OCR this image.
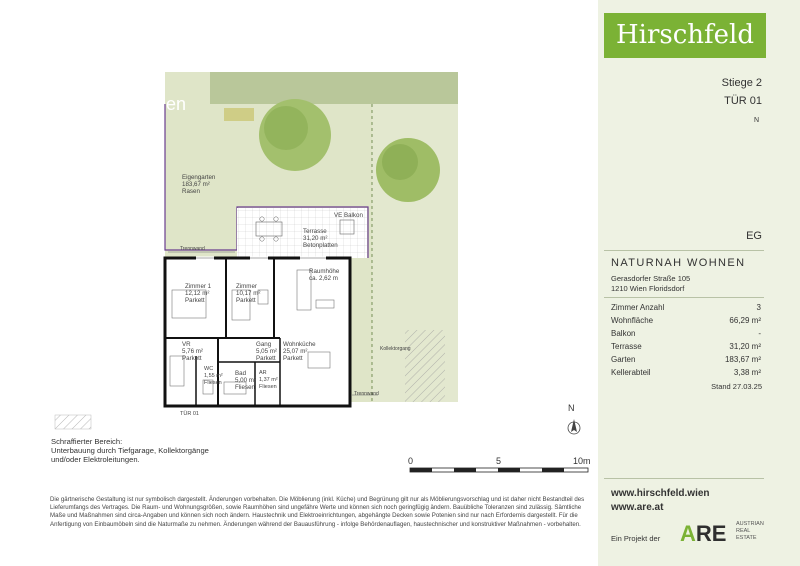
Eigengarten
183,67 m²
Rasen
Terrasse
31,20 m²
Betonplatten
Zimmer 1
12,12 m²
Parkett
Zimmer
10,17 m²
Parkett
Raumhöhe
ca. 2,62 m
VR
5,76 m²
Parkett
Gang
5,05 m²
Parkett
Wohnküche
25,07 m²
Parkett
WC
1,55 m²
Fliesen
Bad
5,00 m²
Fliesen
AR
1,37 m²
Fliesen
VE Balkon
Trennwand
Trennwand
Kollektorgang
en
TÜR 01
Schraffierter Bereich:
Unterbauung durch Tiefgarage, Kollektorgänge
und/oder Elektroleitungen.
N
0	5	10m
Die gärtnerische Gestaltung ist nur symbolisch dargestellt. Änderungen vorbehalten. Die Möblierung (inkl. Küche) und Begrünung gilt nur als Möblierungsvorschlag und ist daher nicht Bestandteil des Lieferumfangs des Vertrages. Die Raum- und Wohnungsgrößen, sowie Raumhöhen sind ungefähre Werte und können sich noch geringfügig ändern. Bauübliche Toleranzen sind zulässig. Sämtliche Maße und Maßnahmen sind circa-Angaben und können sich noch ändern. Haustechnik und Elektroeinrichtungen, abgehängte Decken sowie Potenien sind nur nach Erfordernis dargestellt. Für die Anfertigung von Einbaumöbeln sind die Naturmaße zu nehmen. Änderungen während der Bauausführung - infolge Behördenauflagen, haustechnischer und konstruktiver Maßnahmen - vorbehalten.
Hirschfeld
Stiege 2
TÜR 01
N
EG
NATURNAH WOHNEN
Gerasdorfer Straße 105
1210 Wien Floridsdorf
Zimmer Anzahl	3
Wohnfläche	66,29 m²
Balkon	-
Terrasse	31,20 m²
Garten	183,67 m²
Kellerabteil	3,38 m²
Stand 27.03.25
www.hirschfeld.wien
www.are.at
Ein Projekt der ARE AUSTRIAN
REAL
ESTATE
